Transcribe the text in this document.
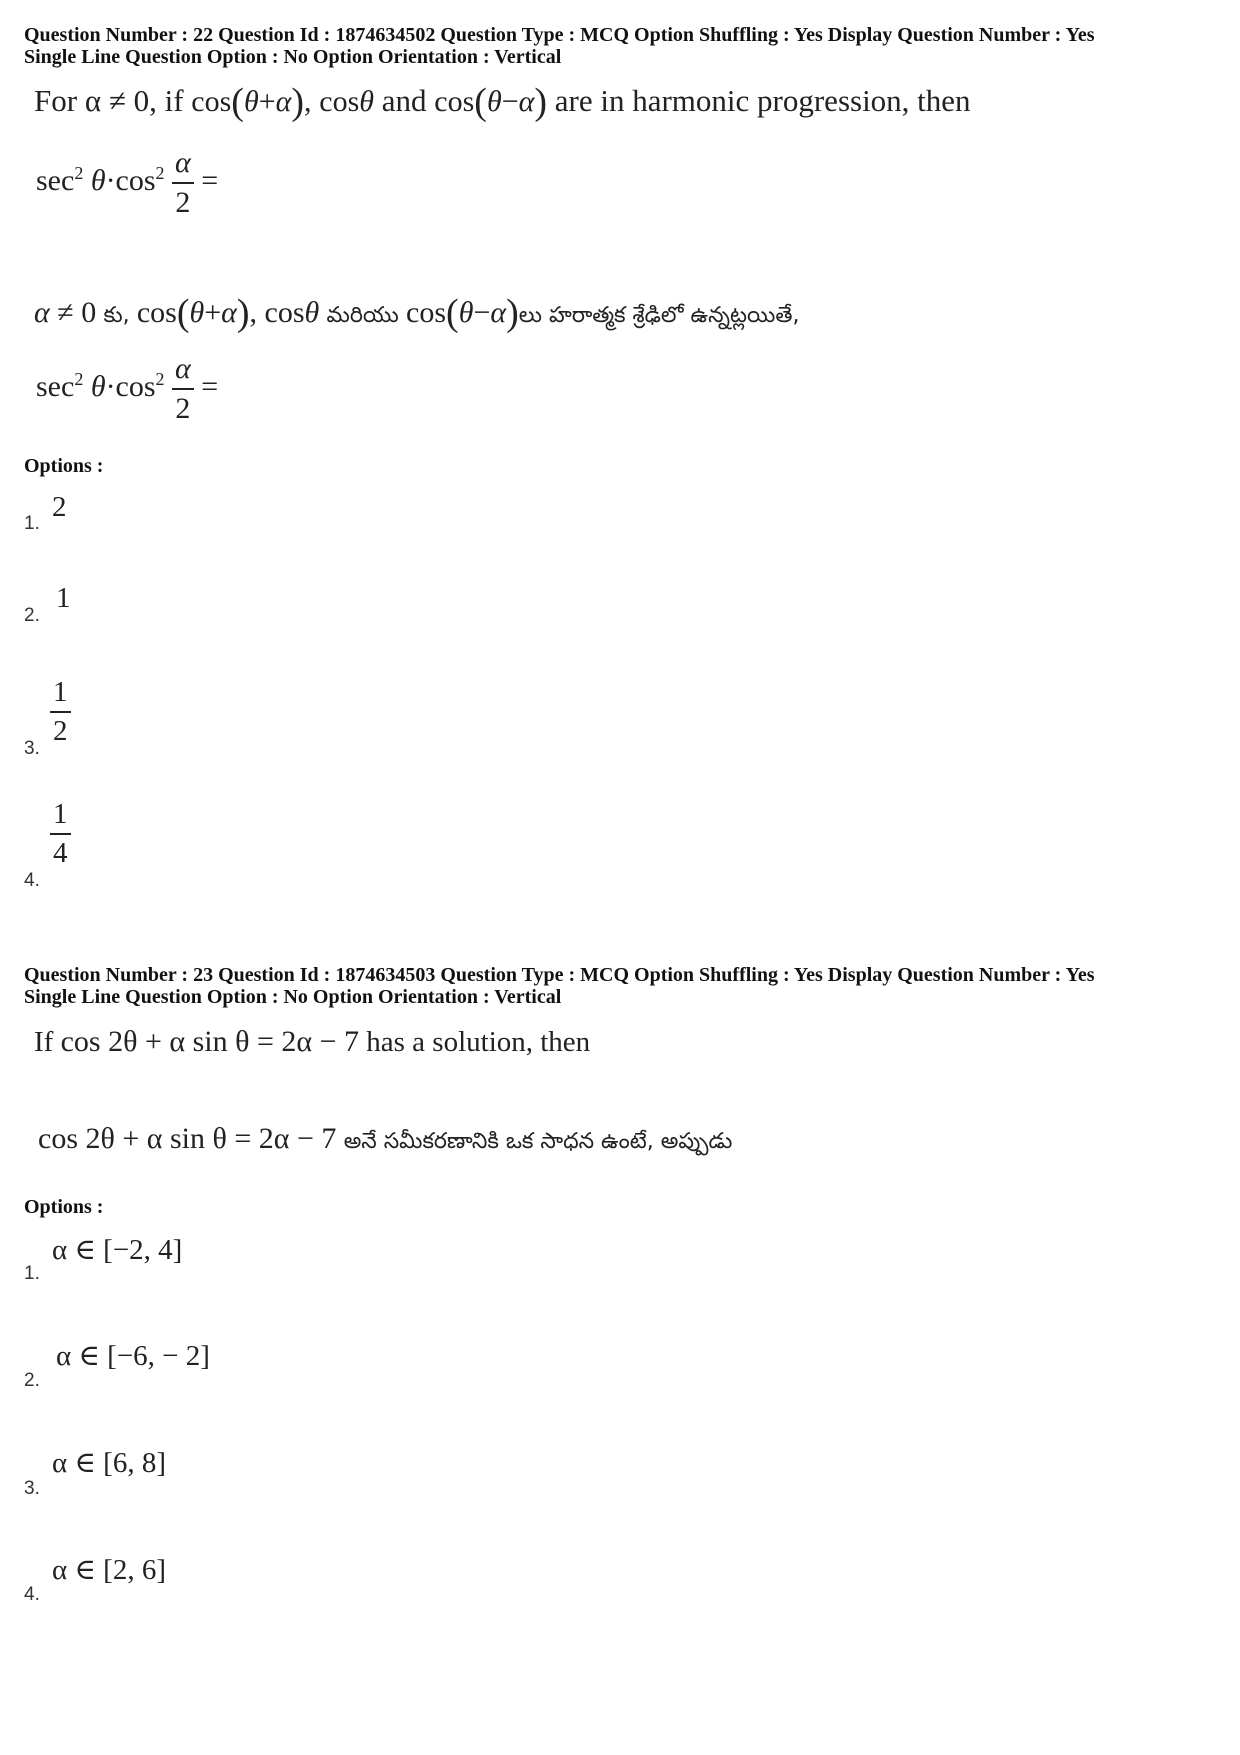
Question Number : 22 Question Id : 1874634502 Question Type : MCQ Option Shuffling : Yes Display Question Number : Yes
Single Line Question Option : No Option Orientation : Vertical
For α ≠ 0, if cos(θ+α), cosθ and cos(θ−α) are in harmonic progression, then
$\sec^2 \theta\cdot\cos^2 \frac{\alpha}{2}$ =
α ≠ 0 కు, cos(θ+α), cosθ మరియు cos(θ−α)లు హరాత్మక శ్రేఢిలో ఉన్నట్లయితే,
$\sec^2 \theta\cdot\cos^2 \frac{\alpha}{2}$ =
Options :
1.
2
2.
1
3.
$\frac{1}{2}$
4.
$\frac{1}{4}$
Question Number : 23 Question Id : 1874634503 Question Type : MCQ Option Shuffling : Yes Display Question Number : Yes
Single Line Question Option : No Option Orientation : Vertical
If cos 2θ + α sin θ = 2α − 7 has a solution, then
cos 2θ + α sin θ = 2α − 7 అనే సమీకరణానికి ఒక సాధన ఉంటే, అప్పుడు
Options :
1.
α ∈ [−2, 4]
2.
α ∈ [−6, − 2]
3.
α ∈ [6, 8]
4.
α ∈ [2, 6]
